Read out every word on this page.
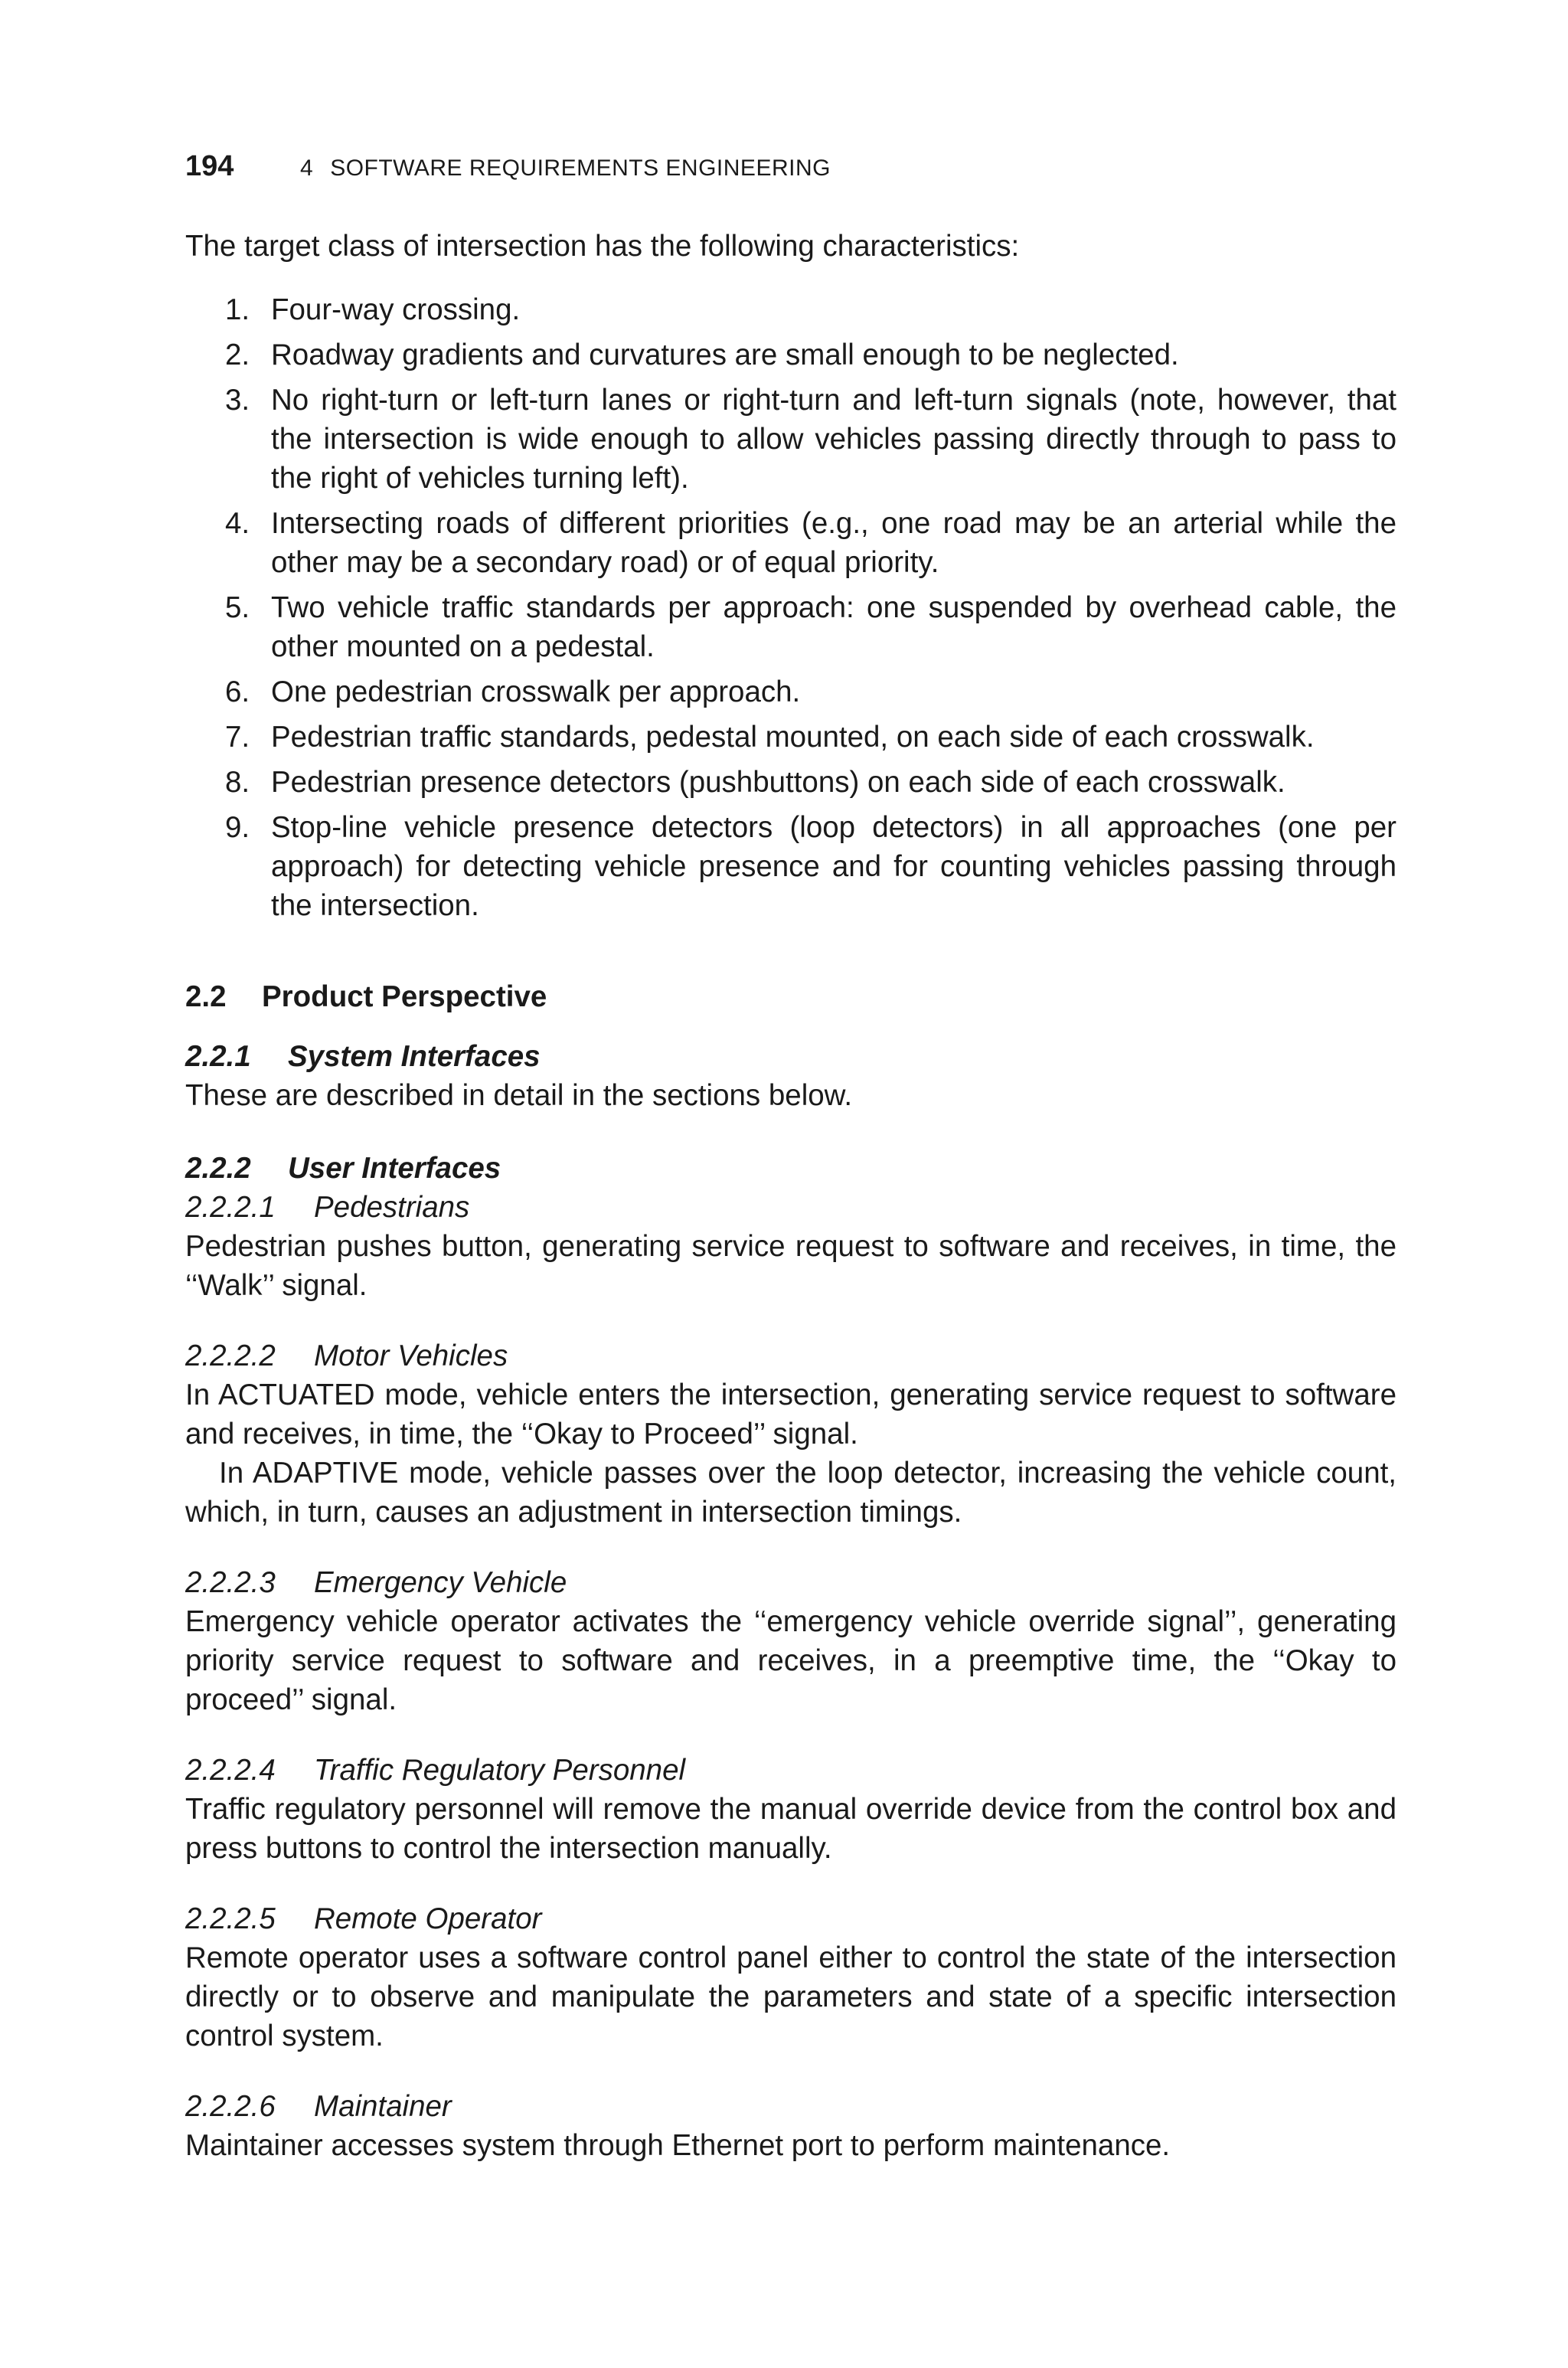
194	4 SOFTWARE REQUIREMENTS ENGINEERING

The target class of intersection has the following characteristics:

1. Four-way crossing.
2. Roadway gradients and curvatures are small enough to be neglected.
3. No right-turn or left-turn lanes or right-turn and left-turn signals (note, however, that the intersection is wide enough to allow vehicles passing directly through to pass to the right of vehicles turning left).
4. Intersecting roads of different priorities (e.g., one road may be an arterial while the other may be a secondary road) or of equal priority.
5. Two vehicle traffic standards per approach: one suspended by overhead cable, the other mounted on a pedestal.
6. One pedestrian crosswalk per approach.
7. Pedestrian traffic standards, pedestal mounted, on each side of each crosswalk.
8. Pedestrian presence detectors (pushbuttons) on each side of each crosswalk.
9. Stop-line vehicle presence detectors (loop detectors) in all approaches (one per approach) for detecting vehicle presence and for counting vehicles passing through the intersection.
2.2 Product Perspective
2.2.1 System Interfaces

These are described in detail in the sections below.

2.2.2 User Interfaces
2.2.2.1 Pedestrians

Pedestrian pushes button, generating service request to software and receives, in time, the ‘‘Walk’’ signal.

2.2.2.2 Motor Vehicles

In ACTUATED mode, vehicle enters the intersection, generating service request to software and receives, in time, the ‘‘Okay to Proceed’’ signal.

In ADAPTIVE mode, vehicle passes over the loop detector, increasing the vehicle count, which, in turn, causes an adjustment in intersection timings.

2.2.2.3 Emergency Vehicle

Emergency vehicle operator activates the ‘‘emergency vehicle override signal’’, generating priority service request to software and receives, in a preemptive time, the ‘‘Okay to proceed’’ signal.

2.2.2.4 Traffic Regulatory Personnel

Traffic regulatory personnel will remove the manual override device from the control box and press buttons to control the intersection manually.

2.2.2.5 Remote Operator

Remote operator uses a software control panel either to control the state of the intersection directly or to observe and manipulate the parameters and state of a specific intersection control system.

2.2.2.6 Maintainer

Maintainer accesses system through Ethernet port to perform maintenance.
